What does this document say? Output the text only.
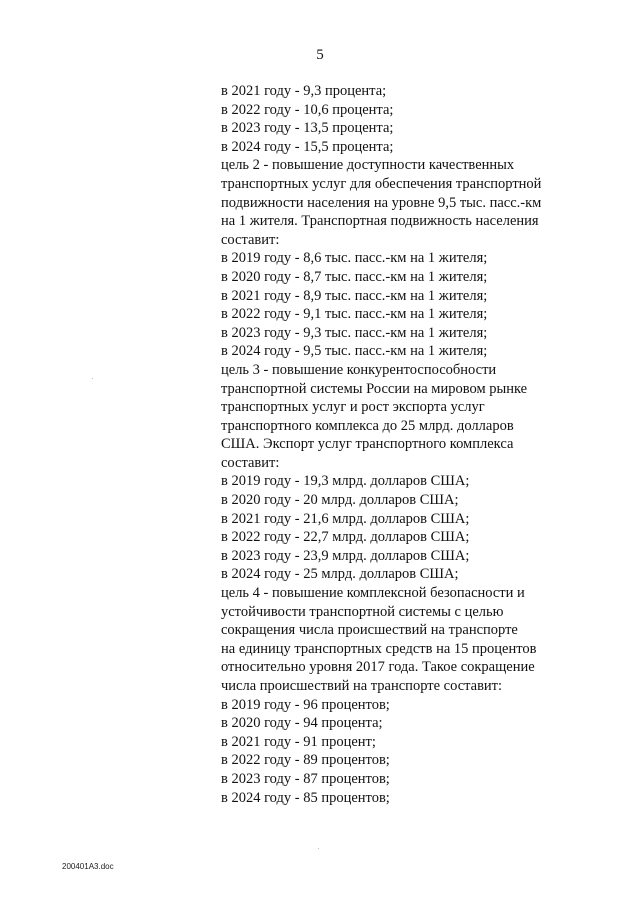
5
в 2021 году - 9,3 процента;
в 2022 году - 10,6 процента;
в 2023 году - 13,5 процента;
в 2024 году - 15,5 процента;
цель 2 - повышение доступности качественных
транспортных услуг для обеспечения транспортной
подвижности населения на уровне 9,5 тыс. пасс.-км
на 1 жителя. Транспортная подвижность населения
составит:
в 2019 году - 8,6 тыс. пасс.-км на 1 жителя;
в 2020 году - 8,7 тыс. пасс.-км на 1 жителя;
в 2021 году - 8,9 тыс. пасс.-км на 1 жителя;
в 2022 году - 9,1 тыс. пасс.-км на 1 жителя;
в 2023 году - 9,3 тыс. пасс.-км на 1 жителя;
в 2024 году - 9,5 тыс. пасс.-км на 1 жителя;
цель 3 - повышение конкурентоспособности
транспортной системы России на мировом рынке
транспортных услуг и рост экспорта услуг
транспортного комплекса до 25 млрд. долларов
США. Экспорт услуг транспортного комплекса
составит:
в 2019 году - 19,3 млрд. долларов США;
в 2020 году - 20 млрд. долларов США;
в 2021 году - 21,6 млрд. долларов США;
в 2022 году - 22,7 млрд. долларов США;
в 2023 году - 23,9 млрд. долларов США;
в 2024 году - 25 млрд. долларов США;
цель 4 - повышение комплексной безопасности и
устойчивости транспортной системы с целью
сокращения числа происшествий на транспорте
на единицу транспортных средств на 15 процентов
относительно уровня 2017 года. Такое сокращение
числа происшествий на транспорте составит:
в 2019 году - 96 процентов;
в 2020 году - 94 процента;
в 2021 году - 91 процент;
в 2022 году - 89 процентов;
в 2023 году - 87 процентов;
в 2024 году - 85 процентов;
200401A3.doc
